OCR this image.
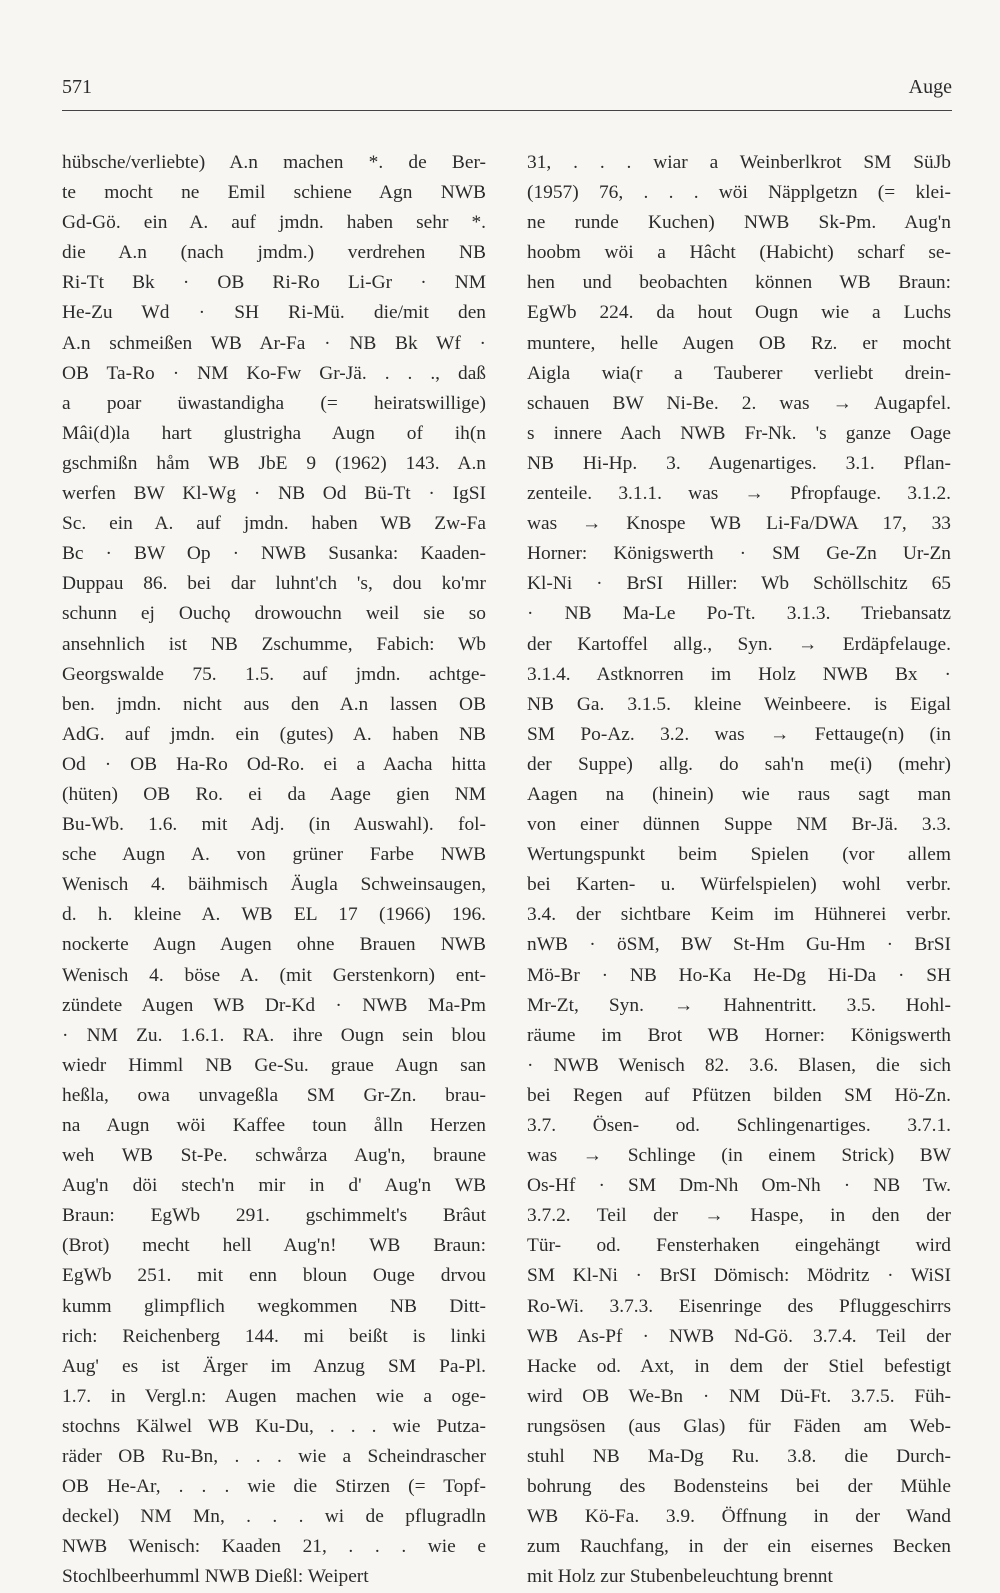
571	Auge
hübsche/verliebte) A.n machen *. de Ber-
te mocht ne Emil schiene Agn NWB
Gd-Gö. ein A. auf jmdn. haben sehr *.
die A.n (nach jmdm.) verdrehen NB
Ri-Tt Bk · OB Ri-Ro Li-Gr · NM
He-Zu Wd · SH Ri-Mü. die/mit den
A.n schmeißen WB Ar-Fa · NB Bk Wf ·
OB Ta-Ro · NM Ko-Fw Gr-Jä. . . ., daß
a poar üwastandigha (= heiratswillige)
Mâi(d)la hart glustrigha Augn of ih(n
gschmißn håm WB JbE 9 (1962) 143. A.n
werfen BW Kl-Wg · NB Od Bü-Tt · IgSI
Sc. ein A. auf jmdn. haben WB Zw-Fa
Bc · BW Op · NWB Susanka: Kaaden-
Duppau 86. bei dar luhnt'ch 's, dou ko'mr
schunn ej Ouchǫ drowouchn weil sie so
ansehnlich ist NB Zschumme, Fabich: Wb
Georgswalde 75. 1.5. auf jmdn. achtge-
ben. jmdn. nicht aus den A.n lassen OB
AdG. auf jmdn. ein (gutes) A. haben NB
Od · OB Ha-Ro Od-Ro. ei a Aacha hitta
(hüten) OB Ro. ei da Aage gien NM
Bu-Wb. 1.6. mit Adj. (in Auswahl). fol-
sche Augn A. von grüner Farbe NWB
Wenisch 4. bäihmisch Äugla Schweinsaugen,
d. h. kleine A. WB EL 17 (1966) 196.
nockerte Augn Augen ohne Brauen NWB
Wenisch 4. böse A. (mit Gerstenkorn) ent-
zündete Augen WB Dr-Kd · NWB Ma-Pm
· NM Zu. 1.6.1. RA. ihre Ougn sein blou
wiedr Himml NB Ge-Su. graue Augn san
heßla, owa unvageßla SM Gr-Zn. brau-
na Augn wöi Kaffee toun ålln Herzen
weh WB St-Pe. schwårza Aug'n, braune
Aug'n döi stech'n mir in d' Aug'n WB
Braun: EgWb 291. gschimmelt's Brâut
(Brot) mecht hell Aug'n! WB Braun:
EgWb 251. mit enn bloun Ouge drvou
kumm glimpflich wegkommen NB Ditt-
rich: Reichenberg 144. mi beißt is linki
Aug' es ist Ärger im Anzug SM Pa-Pl.
1.7. in Vergl.n: Augen machen wie a oge-
stochns Kälwel WB Ku-Du, . . . wie Putza-
räder OB Ru-Bn, . . . wie a Scheindrascher
OB He-Ar, . . . wie die Stirzen (= Topf-
deckel) NM Mn, . . . wi de pflugradln
NWB Wenisch: Kaaden 21, . . . wie e
Stochlbeerhumml NWB Dießl: Weipert
31, . . . wiar a Weinberlkrot SM SüJb
(1957) 76, . . . wöi Näpplgetzn (= klei-
ne runde Kuchen) NWB Sk-Pm. Aug'n
hoobm wöi a Hâcht (Habicht) scharf se-
hen und beobachten können WB Braun:
EgWb 224. da hout Ougn wie a Luchs
muntere, helle Augen OB Rz. er mocht
Aigla wia(r a Tauberer verliebt drein-
schauen BW Ni-Be. 2. was → Augapfel.
s innere Aach NWB Fr-Nk. 's ganze Oage
NB Hi-Hp. 3. Augenartiges. 3.1. Pflan-
zenteile. 3.1.1. was → Pfropfauge. 3.1.2.
was → Knospe WB Li-Fa/DWA 17, 33
Horner: Königswerth · SM Ge-Zn Ur-Zn
Kl-Ni · BrSI Hiller: Wb Schöllschitz 65
· NB Ma-Le Po-Tt. 3.1.3. Triebansatz
der Kartoffel allg., Syn. → Erdäpfelauge.
3.1.4. Astknorren im Holz NWB Bx ·
NB Ga. 3.1.5. kleine Weinbeere. is Eigal
SM Po-Az. 3.2. was → Fettauge(n) (in
der Suppe) allg. do sah'n me(i) (mehr)
Aagen na (hinein) wie raus sagt man
von einer dünnen Suppe NM Br-Jä. 3.3.
Wertungspunkt beim Spielen (vor allem
bei Karten- u. Würfelspielen) wohl verbr.
3.4. der sichtbare Keim im Hühnerei verbr.
nWB · öSM, BW St-Hm Gu-Hm · BrSI
Mö-Br · NB Ho-Ka He-Dg Hi-Da · SH
Mr-Zt, Syn. → Hahnentritt. 3.5. Hohl-
räume im Brot WB Horner: Königswerth
· NWB Wenisch 82. 3.6. Blasen, die sich
bei Regen auf Pfützen bilden SM Hö-Zn.
3.7. Ösen- od. Schlingenartiges. 3.7.1.
was → Schlinge (in einem Strick) BW
Os-Hf · SM Dm-Nh Om-Nh · NB Tw.
3.7.2. Teil der → Haspe, in den der
Tür- od. Fensterhaken eingehängt wird
SM Kl-Ni · BrSI Dömisch: Mödritz · WiSI
Ro-Wi. 3.7.3. Eisenringe des Pfluggeschirrs
WB As-Pf · NWB Nd-Gö. 3.7.4. Teil der
Hacke od. Axt, in dem der Stiel befestigt
wird OB We-Bn · NM Dü-Ft. 3.7.5. Füh-
rungsösen (aus Glas) für Fäden am Web-
stuhl NB Ma-Dg Ru. 3.8. die Durch-
bohrung des Bodensteins bei der Mühle
WB Kö-Fa. 3.9. Öffnung in der Wand
zum Rauchfang, in der ein eisernes Becken
mit Holz zur Stubenbeleuchtung brennt
